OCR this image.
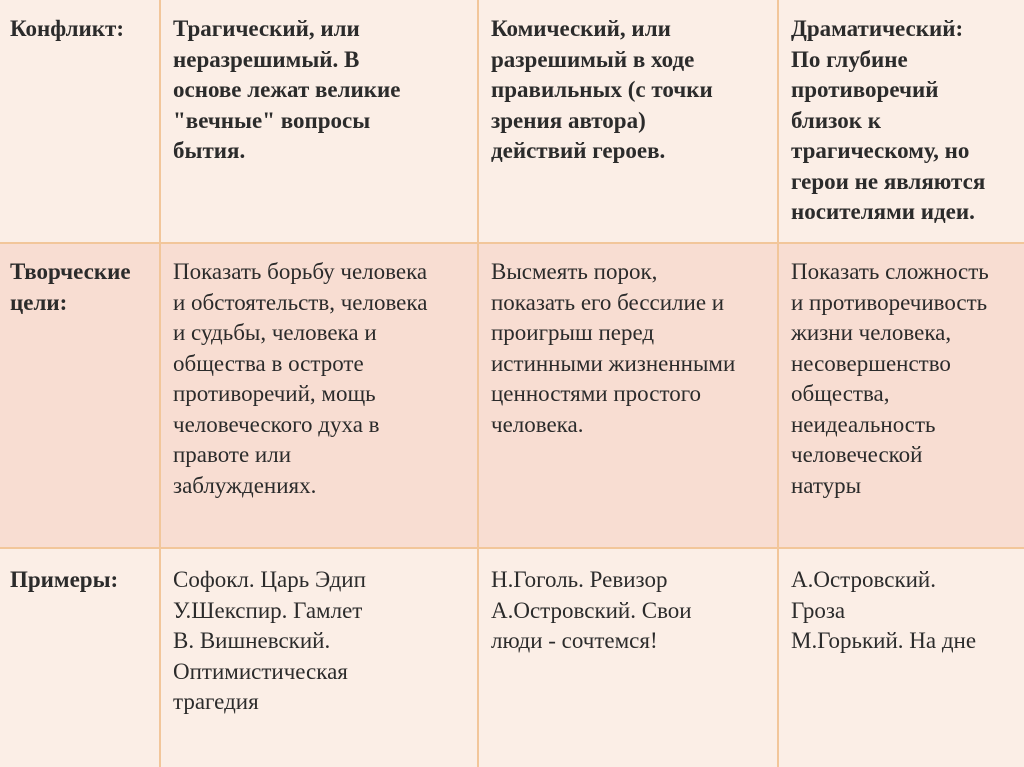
Конфликт:	Трагический, или
неразрешимый. В
основе лежат великие
"вечные" вопросы
бытия.
Комический, или
разрешимый в ходе
правильных (с точки
зрения автора)
действий героев.
Драматический:
По глубине
противоречий
близок к
трагическому, но
герои не являются
носителями идеи.
Творческие
цели:
Показать борьбу человека
и обстоятельств, человека
и судьбы, человека и
общества в остроте
противоречий, мощь
человеческого духа в
правоте или
заблуждениях.
Высмеять порок,
показать его бессилие и
проигрыш перед
истинными жизненными
ценностями простого
человека.
Показать сложность
и противоречивость
жизни человека,
несовершенство
общества,
неидеальность
человеческой
натуры
Примеры:	Софокл. Царь Эдип
У.Шекспир. Гамлет
В. Вишневский.
Оптимистическая
трагедия
Н.Гоголь. Ревизор
А.Островский. Свои
люди - сочтемся!
А.Островский.
Гроза
М.Горький. На дне
